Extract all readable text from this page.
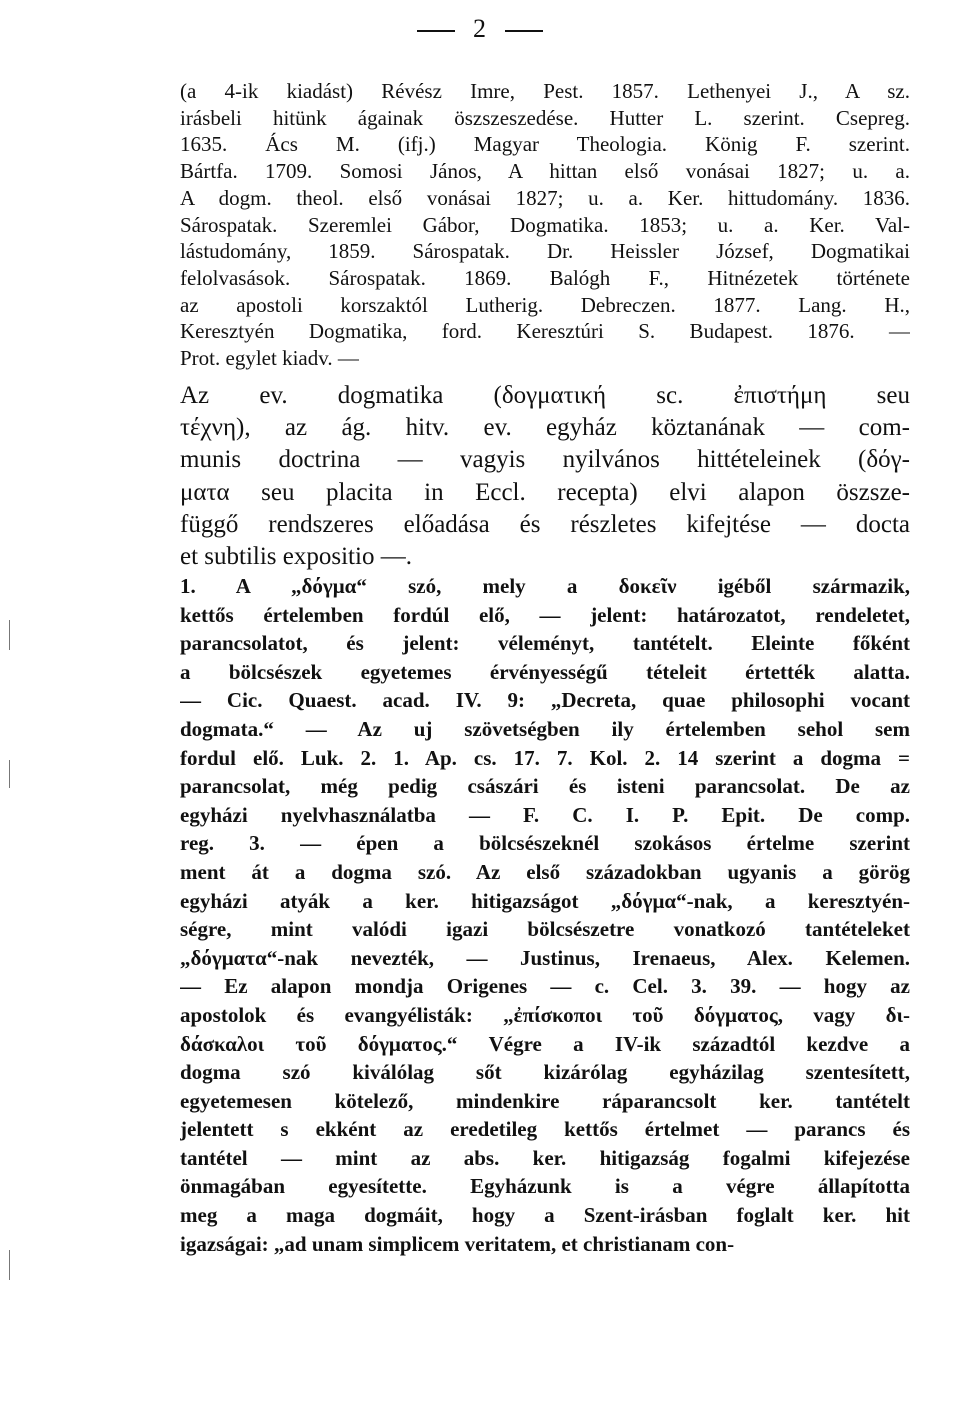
2
(a 4-ik kiadást) Révész Imre, Pest. 1857. Lethenyei J., A sz.
irásbeli hitünk ágainak öszszeszedése. Hutter L. szerint. Csepreg.
1635. Ács M. (ifj.) Magyar Theologia. König F. szerint.
Bártfa. 1709. Somosi János, A hittan első vonásai 1827; u. a.
A dogm. theol. első vonásai 1827; u. a. Ker. hittudomány. 1836.
Sárospatak. Szeremlei Gábor, Dogmatika. 1853; u. a. Ker. Val-
lástudomány, 1859. Sárospatak. Dr. Heissler József, Dogmatikai
felolvasások. Sárospatak. 1869. Balógh F., Hitnézetek története
az apostoli korszaktól Lutherig. Debreczen. 1877. Lang. H.,
Keresztyén Dogmatika, ford. Keresztúri S. Budapest. 1876. —
Prot. egylet kiadv. —
Az ev. dogmatika (δογματική sc. ἐπιστήμη seu
τέχνη), az ág. hitv. ev. egyház köztanának — com-
munis doctrina — vagyis nyilvános hittételeinek (δόγ-
ματα seu placita in Eccl. recepta) elvi alapon öszsze-
függő rendszeres előadása és részletes kifejtése — docta
et subtilis expositio —.
1. A „δόγμα“ szó, mely a δοκεῖν igéből származik,
kettős értelemben fordúl elő, — jelent: határozatot, rendeletet,
parancsolatot, és jelent: véleményt, tantételt. Eleinte főként
a bölcsészek egyetemes érvényességű tételeit értették alatta.
— Cic. Quaest. acad. IV. 9: „Decreta, quae philosophi vocant
dogmata.“ — Az uj szövetségben ily értelemben sehol sem
fordul elő. Luk. 2. 1. Ap. cs. 17. 7. Kol. 2. 14 szerint a dogma =
parancsolat, még pedig császári és isteni parancsolat. De az
egyházi nyelvhasználatba — F. C. I. P. Epit. De comp.
reg. 3. — épen a bölcsészeknél szokásos értelme szerint
ment át a dogma szó. Az első századokban ugyanis a görög
egyházi atyák a ker. hitigazságot „δόγμα“-nak, a keresztyén-
ségre, mint valódi igazi bölcsészetre vonatkozó tantételeket
„δόγματα“-nak nevezték, — Justinus, Irenaeus, Alex. Kelemen.
— Ez alapon mondja Origenes — c. Cel. 3. 39. — hogy az
apostolok és evangyélisták: „ἐπίσκοποι τοῦ δόγματος, vagy δι-
δάσκαλοι τοῦ δόγματος.“ Végre a IV-ik századtól kezdve a
dogma szó kiválólag sőt kizárólag egyházilag szentesített,
egyetemesen kötelező, mindenkire ráparancsolt ker. tantételt
jelentett s ekként az eredetileg kettős értelmet — parancs és
tantétel — mint az abs. ker. hitigazság fogalmi kifejezése
önmagában egyesítette. Egyházunk is a végre állapította
meg a maga dogmáit, hogy a Szent-irásban foglalt ker. hit
igazságai: „ad unam simplicem veritatem, et christianam con-
